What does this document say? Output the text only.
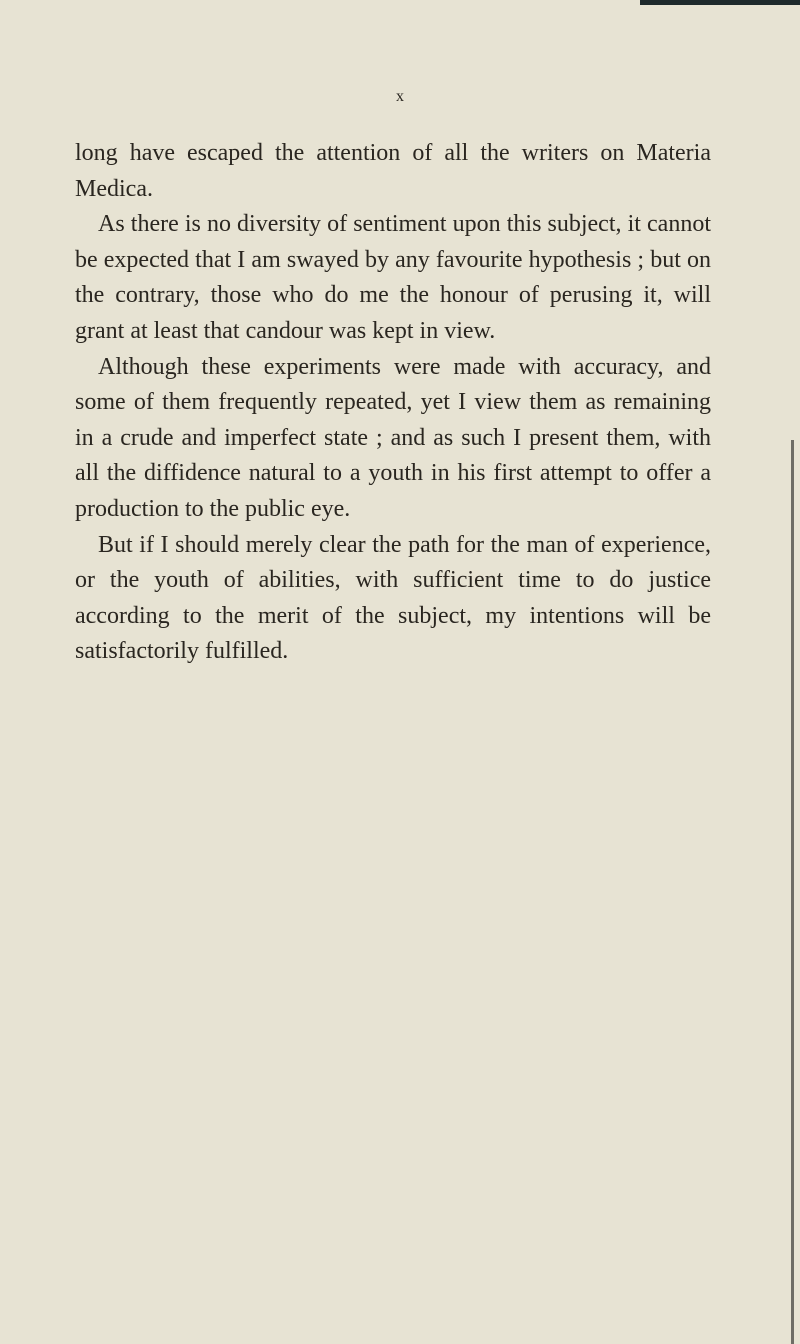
x

long have escaped the attention of all the writers on Materia Medica.

As there is no diversity of sentiment upon this subject, it cannot be expected that I am swayed by any favourite hypothesis ; but on the contrary, those who do me the honour of perusing it, will grant at least that candour was kept in view.

Although these experiments were made with accuracy, and some of them frequently repeated, yet I view them as remaining in a crude and imperfect state ; and as such I present them, with all the diffidence natural to a youth in his first attempt to offer a production to the public eye.

But if I should merely clear the path for the man of experience, or the youth of abilities, with sufficient time to do justice according to the merit of the subject, my intentions will be satisfactorily fulfilled.
